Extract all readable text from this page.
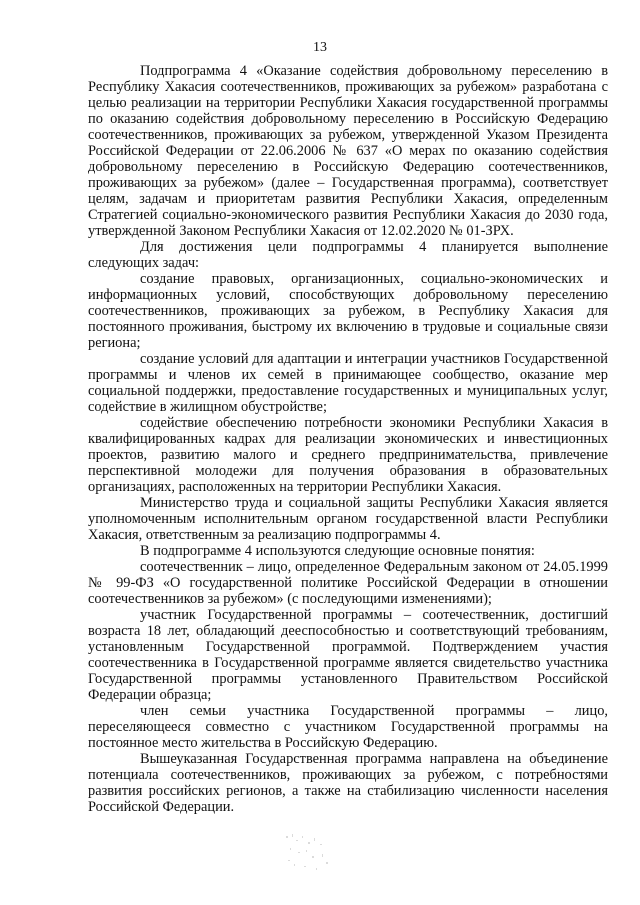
13

Подпрограмма 4 «Оказание содействия добровольному переселению в Республику Хакасия соотечественников, проживающих за рубежом» разработана с целью реализации на территории Республики Хакасия государственной программы по оказанию содействия добровольному переселению в Российскую Федерацию соотечественников, проживающих за рубежом, утвержденной Указом Президента Российской Федерации от 22.06.2006 № 637 «О мерах по оказанию содействия добровольному переселению в Российскую Федерацию соотечественников, проживающих за рубежом» (далее – Государственная программа), соответствует целям, задачам и приоритетам развития Республики Хакасия, определенным Стратегией социально-экономического развития Республики Хакасия до 2030 года, утвержденной Законом Республики Хакасия от 12.02.2020 № 01-ЗРХ.

Для достижения цели подпрограммы 4 планируется выполнение следующих задач:

создание правовых, организационных, социально-экономических и информационных условий, способствующих добровольному переселению соотечественников, проживающих за рубежом, в Республику Хакасия для постоянного проживания, быстрому их включению в трудовые и социальные связи региона;

создание условий для адаптации и интеграции участников Государственной программы и членов их семей в принимающее сообщество, оказание мер социальной поддержки, предоставление государственных и муниципальных услуг, содействие в жилищном обустройстве;

содействие обеспечению потребности экономики Республики Хакасия в квалифицированных кадрах для реализации экономических и инвестиционных проектов, развитию малого и среднего предпринимательства, привлечение перспективной молодежи для получения образования в образовательных организациях, расположенных на территории Республики Хакасия.

Министерство труда и социальной защиты Республики Хакасия является уполномоченным исполнительным органом государственной власти Республики Хакасия, ответственным за реализацию подпрограммы 4.

В подпрограмме 4 используются следующие основные понятия:

соотечественник – лицо, определенное Федеральным законом от 24.05.1999 № 99-ФЗ «О государственной политике Российской Федерации в отношении соотечественников за рубежом» (с последующими изменениями);

участник Государственной программы – соотечественник, достигший возраста 18 лет, обладающий дееспособностью и соответствующий требованиям, установленным Государственной программой. Подтверждением участия соотечественника в Государственной программе является свидетельство участника Государственной программы установленного Правительством Российской Федерации образца;

член семьи участника Государственной программы – лицо, переселяющееся совместно с участником Государственной программы на постоянное место жительства в Российскую Федерацию.

Вышеуказанная Государственная программа направлена на объединение потенциала соотечественников, проживающих за рубежом, с потребностями развития российских регионов, а также на стабилизацию численности населения Российской Федерации.
